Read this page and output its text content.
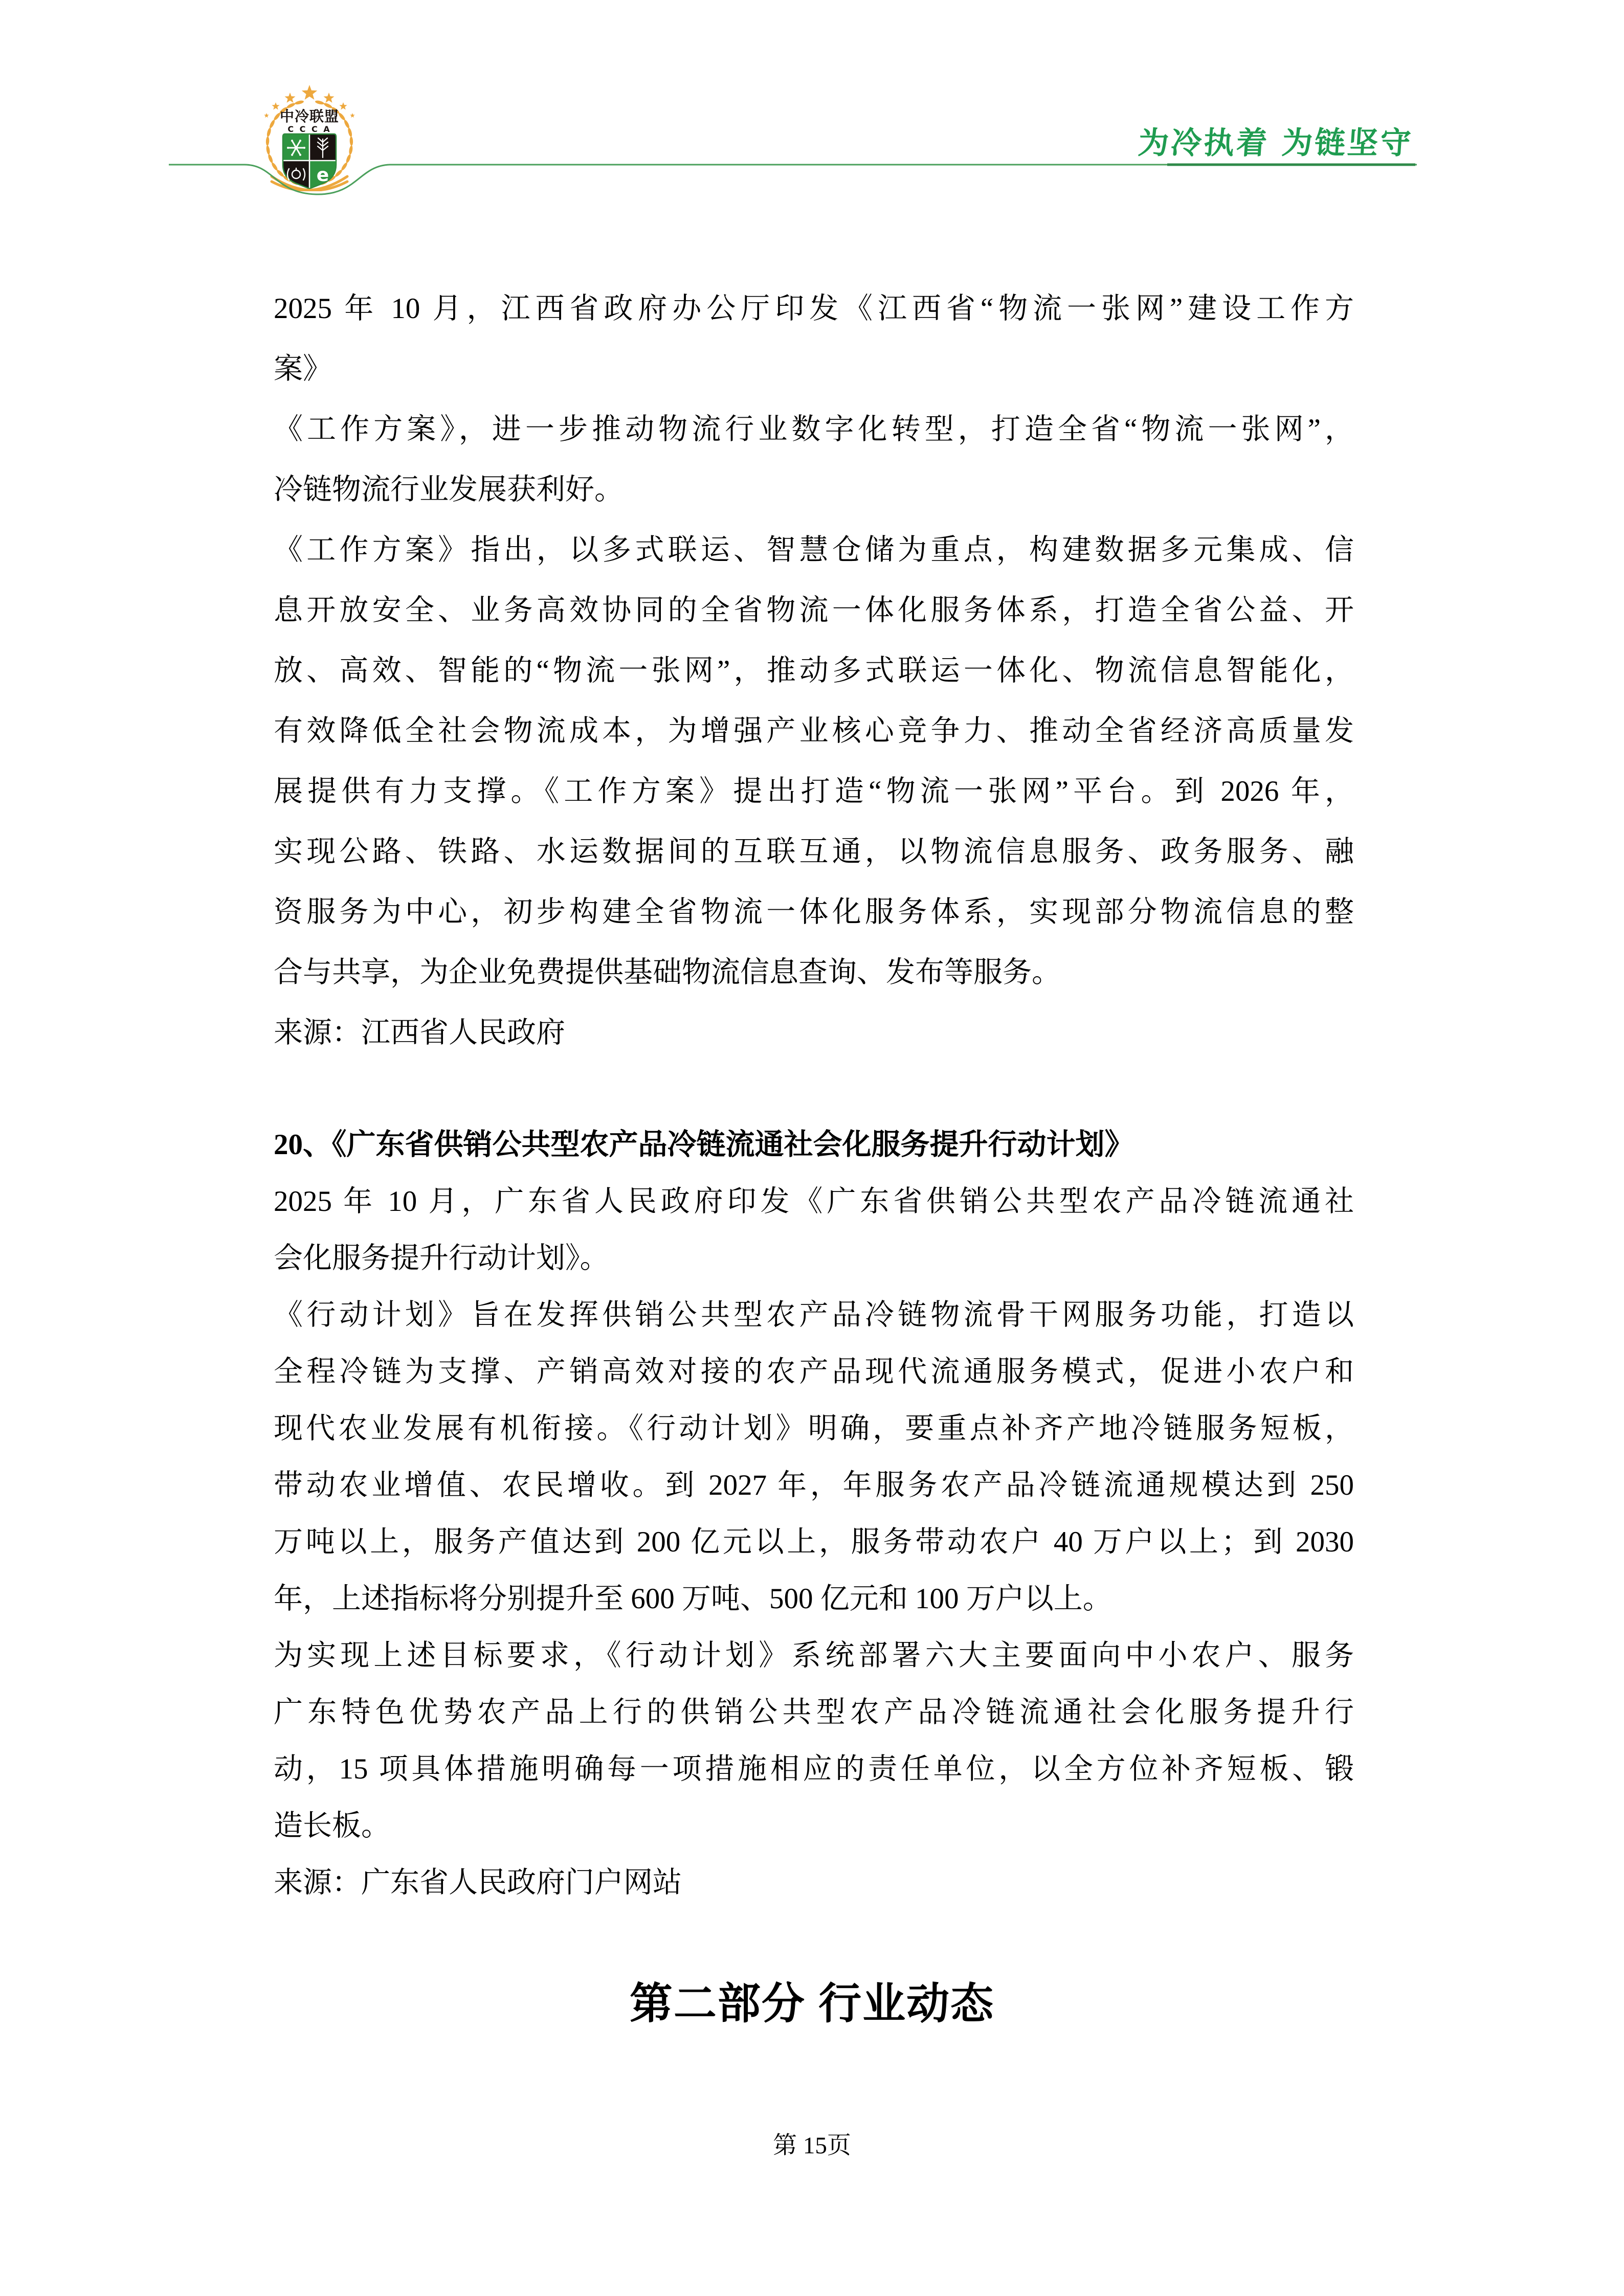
中冷联盟
C C C A
e
为冷执着 为链坚守
2025 年 10 月，江西省政府办公厅印发《江西省“物流一张网”建设工作方
案》
《工作方案》，进一步推动物流行业数字化转型，打造全省“物流一张网”，
冷链物流行业发展获利好。
《工作方案》指出，以多式联运、智慧仓储为重点，构建数据多元集成、信
息开放安全、业务高效协同的全省物流一体化服务体系，打造全省公益、开
放、高效、智能的“物流一张网”，推动多式联运一体化、物流信息智能化，
有效降低全社会物流成本，为增强产业核心竞争力、推动全省经济高质量发
展提供有力支撑。《工作方案》提出打造“物流一张网”平台。到 2026 年，
实现公路、铁路、水运数据间的互联互通，以物流信息服务、政务服务、融
资服务为中心，初步构建全省物流一体化服务体系，实现部分物流信息的整
合与共享，为企业免费提供基础物流信息查询、发布等服务。
来源：江西省人民政府
20、《广东省供销公共型农产品冷链流通社会化服务提升行动计划》
2025 年 10 月，广东省人民政府印发《广东省供销公共型农产品冷链流通社
会化服务提升行动计划》。
《行动计划》旨在发挥供销公共型农产品冷链物流骨干网服务功能，打造以
全程冷链为支撑、产销高效对接的农产品现代流通服务模式，促进小农户和
现代农业发展有机衔接。《行动计划》明确，要重点补齐产地冷链服务短板，
带动农业增值、农民增收。到 2027 年，年服务农产品冷链流通规模达到 250
万吨以上，服务产值达到 200 亿元以上，服务带动农户 40 万户以上；到 2030
年，上述指标将分别提升至 600 万吨、500 亿元和 100 万户以上。
为实现上述目标要求，《行动计划》系统部署六大主要面向中小农户、服务
广东特色优势农产品上行的供销公共型农产品冷链流通社会化服务提升行
动，15 项具体措施明确每一项措施相应的责任单位，以全方位补齐短板、锻
造长板。
来源：广东省人民政府门户网站
第二部分 行业动态
第 15页
